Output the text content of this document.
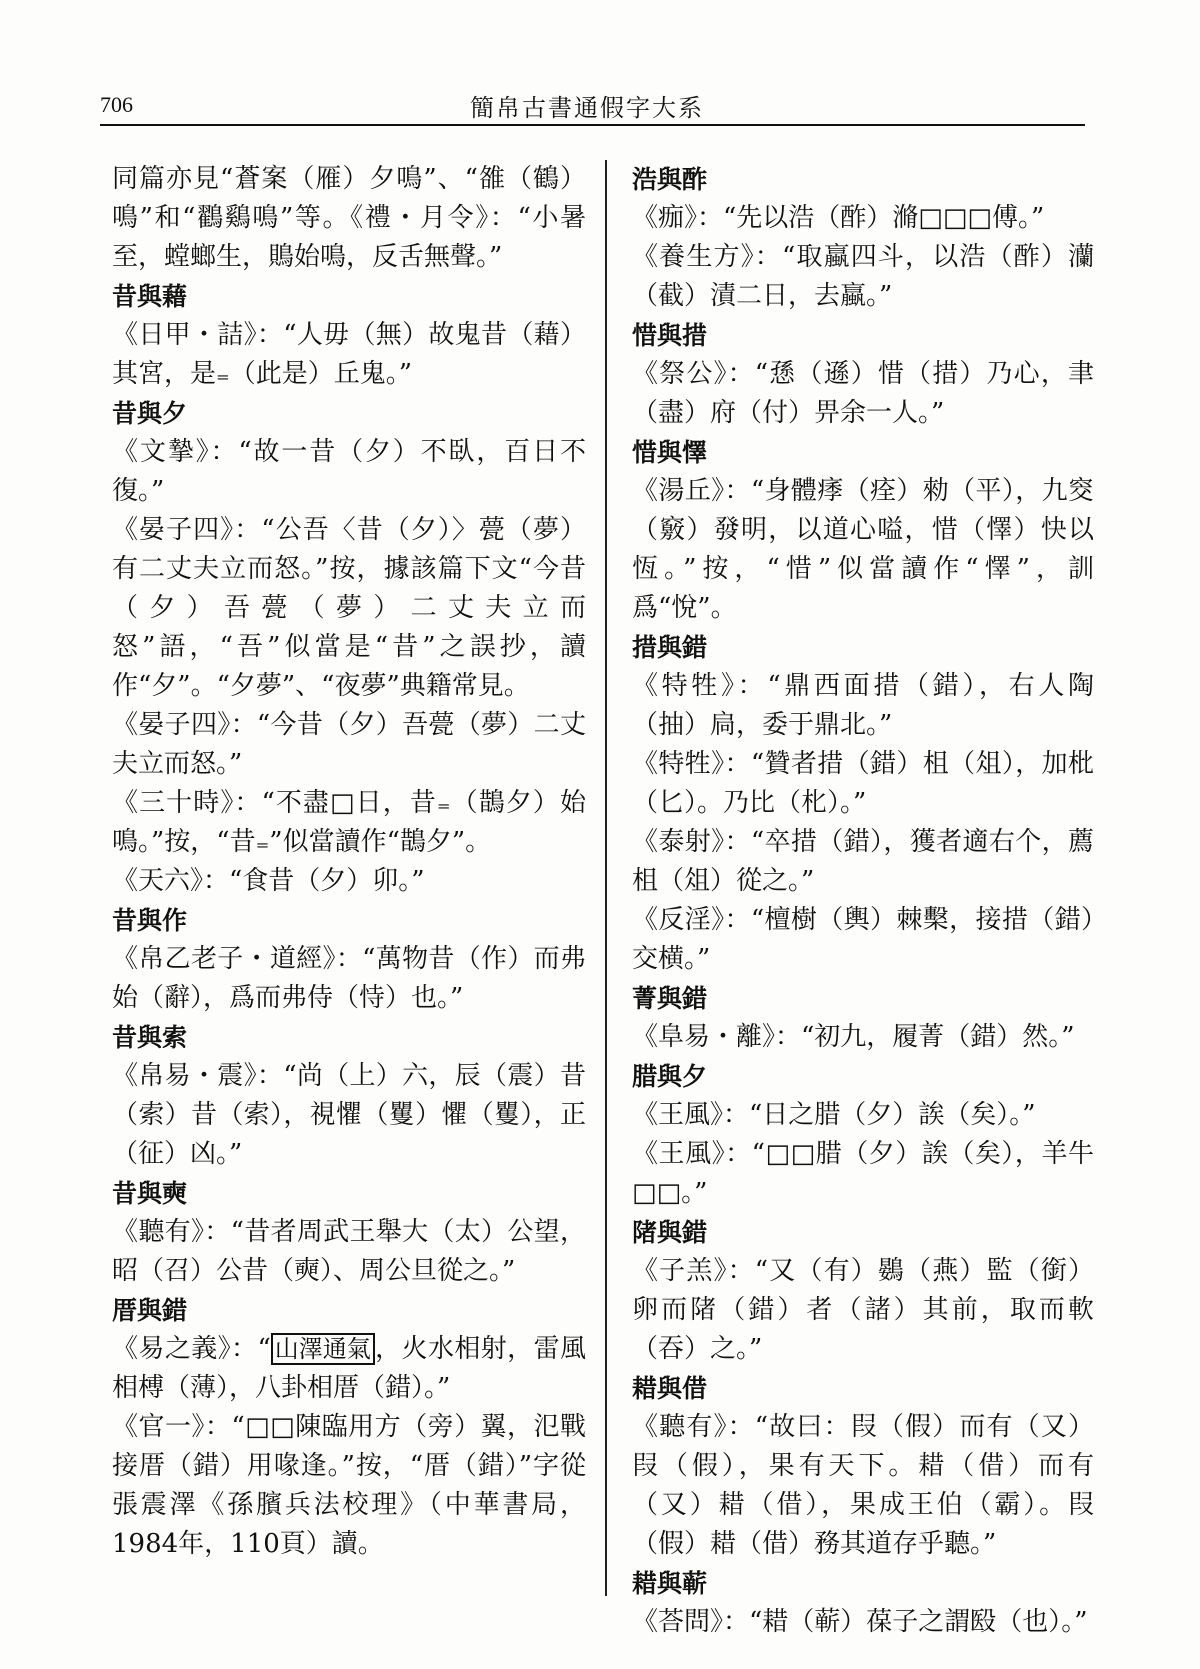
706	簡帛古書通假字大系

同篇亦見“蒼案（雁）夕鳴”、“雒（鶴）鳴”和“鸐鷄鳴”等。《禮・月令》：“小暑至，螳螂生，鵙始鳴，反舌無聲。”

昔與藉

《日甲・詰》：“人毋（無）故鬼昔（藉）其宮，是₌（此是）丘鬼。”

昔與夕

《文摯》：“故一昔（夕）不臥，百日不復。”

《晏子四》：“公吾〈昔（夕）〉甍（夢）有二丈夫立而怒。”按，據該篇下文“今昔（夕）吾甍（夢）二丈夫立而怒”語，“吾”似當是“昔”之誤抄，讀作“夕”。“夕夢”、“夜夢”典籍常見。

《晏子四》：“今昔（夕）吾甍（夢）二丈夫立而怒。”

《三十時》：“不盡□日，昔₌（鵲夕）始鳴。”按，“昔₌”似當讀作“鵲夕”。

《天六》：“食昔（夕）卯。”

昔與作

《帛乙老子・道經》：“萬物昔（作）而弗始（辭），爲而弗侍（恃）也。”

昔與索

《帛易・震》：“尚（上）六，辰（震）昔（索）昔（索），視懼（矍）懼（矍），正（征）凶。”

昔與奭

《聽有》：“昔者周武王舉大（太）公望，昭（召）公昔（奭）、周公旦從之。”

厝與錯

《易之義》：“ 山澤通氣 ，火水相射，雷風相榑（薄），八卦相厝（錯）。”

《官一》：“□□陳臨用方（旁）翼，氾戰接厝（錯）用喙逢。”按，“厝（錯）”字從張震澤《孫臏兵法校理》（中華書局，1984年，110頁）讀。

浩與酢

《痂》：“先以浩（酢）滫□□□傅。”

《養生方》：“取蠃四斗，以浩（酢）灡（截）漬二日，去蠃。”

惜與措

《祭公》：“愻（遜）惜（措）乃心，聿（盡）府（付）畀余一人。”

惜與懌

《湯丘》：“身體痵（痊）勑（平），九窔（竅）發明，以道心嗌，惜（懌）快以恆。”按，“惜”似當讀作“懌”，訓爲“悅”。

措與錯

《特牲》：“鼎西面措（錯），右人陶（抽）扃，委于鼎北。”

《特牲》：“贊者措（錯）柤（俎），加枇（匕）。乃比（朼）。”

《泰射》：“卒措（錯），獲者適右个，薦柤（俎）從之。”

《反淫》：“檀樹（輿）棘檕，接措（錯）交横。”

菁與錯

《阜易・離》：“初九，履菁（錯）然。”

腊與夕

《王風》：“日之腊（夕）誒（矣）。”

《王風》：“□□腊（夕）誒（矣），羊牛□□。”

陼與錯

《子羔》：“又（有）鷃（燕）監（銜）卵而陼（錯）者（諸）其前，取而軟（吞）之。”

耤與借

《聽有》：“故曰：叚（假）而有（又）叚（假），果有天下。耤（借）而有（又）耤（借），果成王伯（霸）。叚（假）耤（借）務其道存乎聽。”

耤與蕲

《荅問》：“耤（蕲）葆子之謂殹（也）。”
